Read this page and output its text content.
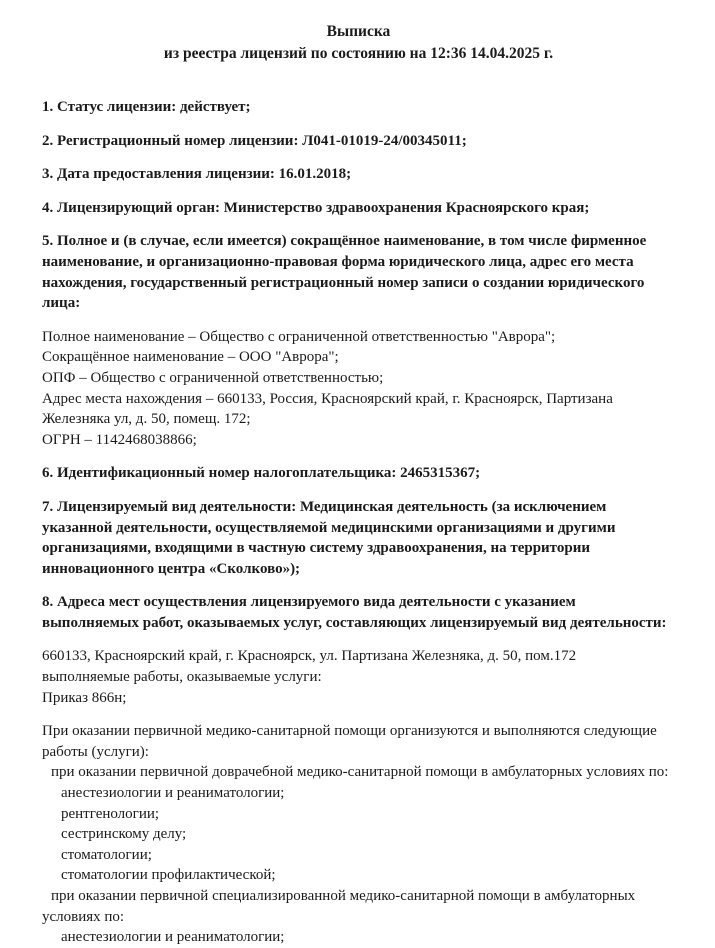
Выписка
из реестра лицензий по состоянию на 12:36 14.04.2025 г.
1. Статус лицензии: действует;
2. Регистрационный номер лицензии: Л041-01019-24/00345011;
3. Дата предоставления лицензии: 16.01.2018;
4. Лицензирующий орган: Министерство здравоохранения Красноярского края;
5. Полное и (в случае, если имеется) сокращённое наименование, в том числе фирменное наименование, и организационно-правовая форма юридического лица, адрес его места нахождения, государственный регистрационный номер записи о создании юридического лица:
Полное наименование – Общество с ограниченной ответственностью "Аврора";
Сокращённое наименование – ООО "Аврора";
ОПФ – Общество с ограниченной ответственностью;
Адрес места нахождения – 660133, Россия, Красноярский край, г. Красноярск, Партизана Железняка ул, д. 50, помещ. 172;
ОГРН – 1142468038866;
6. Идентификационный номер налогоплательщика: 2465315367;
7. Лицензируемый вид деятельности: Медицинская деятельность (за исключением указанной деятельности, осуществляемой медицинскими организациями и другими организациями, входящими в частную систему здравоохранения, на территории инновационного центра «Сколково»);
8. Адреса мест осуществления лицензируемого вида деятельности с указанием выполняемых работ, оказываемых услуг, составляющих лицензируемый вид деятельности:
660133, Красноярский край, г. Красноярск, ул. Партизана Железняка, д. 50, пом.172
выполняемые работы, оказываемые услуги:
Приказ 866н;
При оказании первичной медико-санитарной помощи организуются и выполняются следующие работы (услуги):
при оказании первичной доврачебной медико-санитарной помощи в амбулаторных условиях по:
анестезиологии и реаниматологии;
рентгенологии;
сестринскому делу;
стоматологии;
стоматологии профилактической;
при оказании первичной специализированной медико-санитарной помощи в амбулаторных условиях по:
анестезиологии и реаниматологии;
